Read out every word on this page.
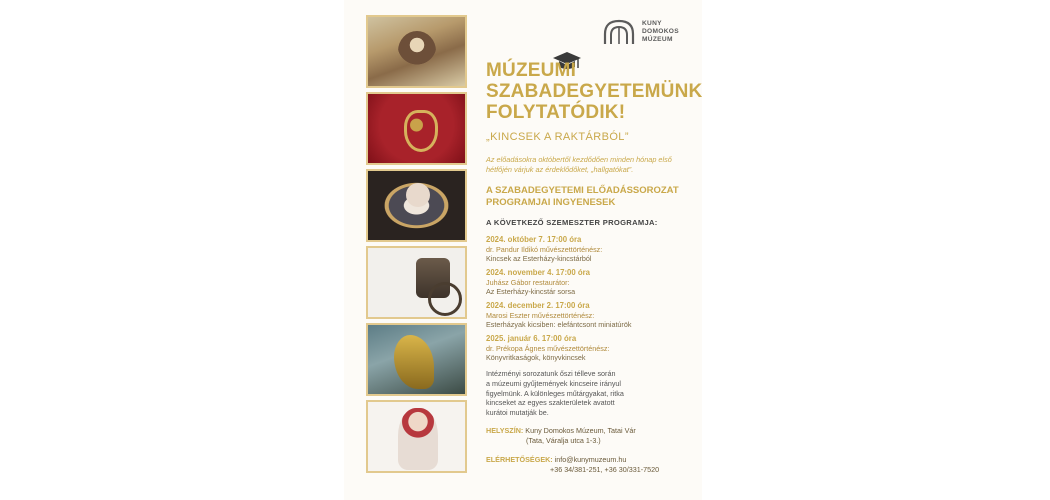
KUNY
DOMOKOS
MÚZEUM
MÚZEUMI
SZABADEGYETEMÜNK
FOLYTATÓDIK!
„KINCSEK A RAKTÁRBÓL”
Az előadásokra októbertől kezdődően minden hónap első hétfőjén várjuk az érdeklődőket, „hallgatókat”.
A SZABADEGYETEMI ELŐADÁSSOROZAT
PROGRAMJAI INGYENESEK
A KÖVETKEZŐ SZEMESZTER PROGRAMJA:
2024. október 7. 17:00 óra
dr. Pandur Ildikó művészettörténész:
Kincsek az Esterházy-kincstárból
2024. november 4. 17:00 óra
Juhász Gábor restaurátor:
Az Esterházy-kincstár sorsa
2024. december 2. 17:00 óra
Marosi Eszter művészettörténész:
Esterházyak kicsiben: elefántcsont miniatúrök
2025. január 6. 17:00 óra
dr. Prékopa Ágnes művészettörténész:
Könyvritkaságok, könyvkincsek
Intézményi sorozatunk őszi télleve során
a múzeumi gyűjtemények kincseire irányul
figyelmünk. A különleges műtárgyakat, ritka
kincseket az egyes szakterületek avatott
kurátoi mutatják be.
HELYSZÍN: Kuny Domokos Múzeum, Tatai Vár
(Tata, Váralja utca 1-3.)
ELÉRHETŐSÉGEK: info@kunymuzeum.hu
+36 34/381-251, +36 30/331-7520
